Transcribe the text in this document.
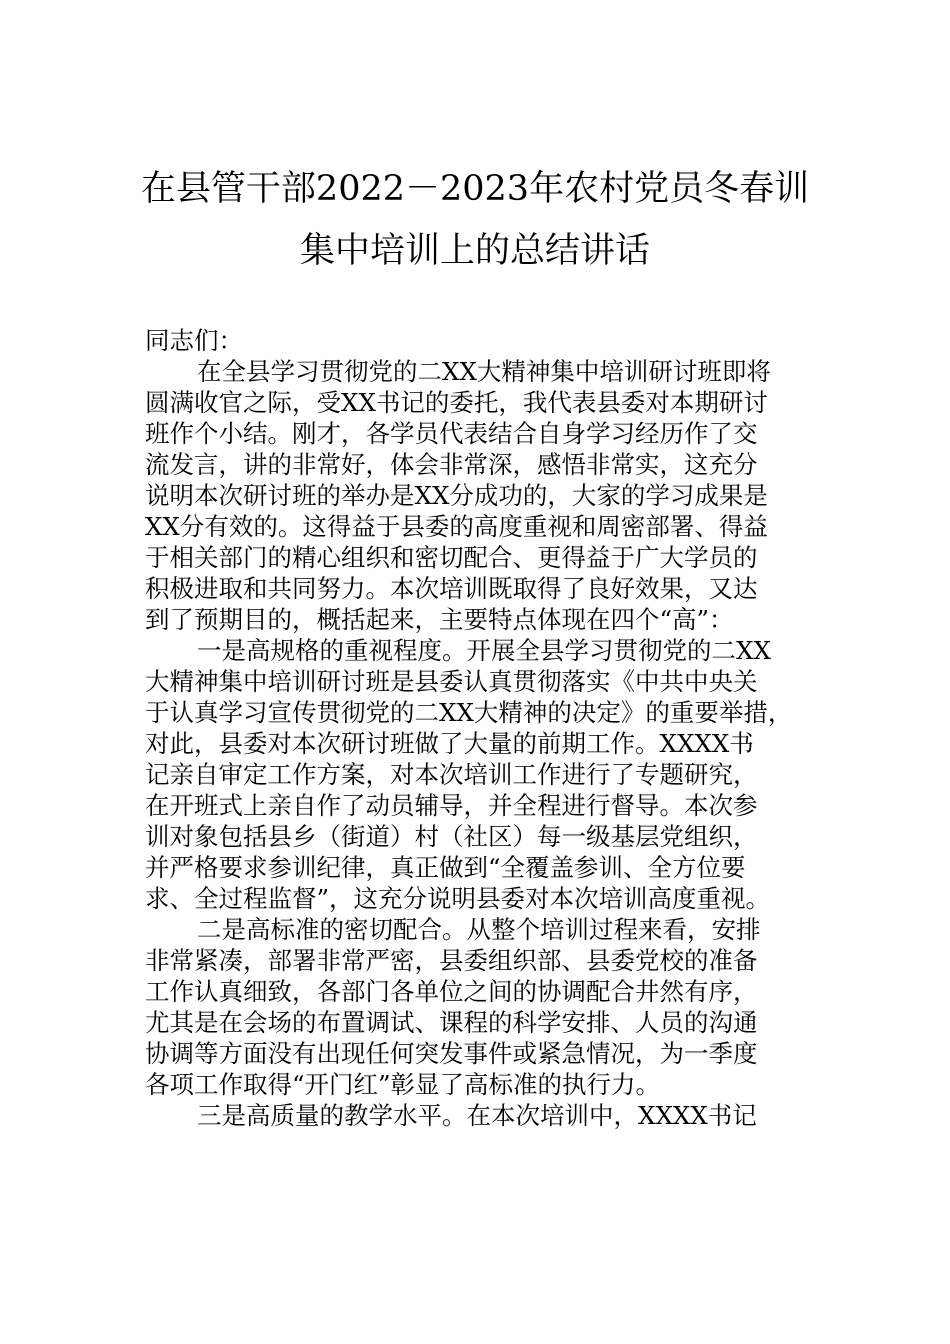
在县管干部2022－2023年农村党员冬春训
集中培训上的总结讲话
同志们：
在全县学习贯彻党的二XX大精神集中培训研讨班即将
圆满收官之际，受XX书记的委托，我代表县委对本期研讨
班作个小结。刚才，各学员代表结合自身学习经历作了交
流发言，讲的非常好，体会非常深，感悟非常实，这充分
说明本次研讨班的举办是XX分成功的，大家的学习成果是
XX分有效的。这得益于县委的高度重视和周密部署、得益
于相关部门的精心组织和密切配合、更得益于广大学员的
积极进取和共同努力。本次培训既取得了良好效果，又达
到了预期目的，概括起来，主要特点体现在四个“高”：
一是高规格的重视程度。开展全县学习贯彻党的二XX
大精神集中培训研讨班是县委认真贯彻落实《中共中央关
于认真学习宣传贯彻党的二XX大精神的决定》的重要举措，
对此，县委对本次研讨班做了大量的前期工作。XXXX书
记亲自审定工作方案，对本次培训工作进行了专题研究，
在开班式上亲自作了动员辅导，并全程进行督导。本次参
训对象包括县乡（街道）村（社区）每一级基层党组织，
并严格要求参训纪律，真正做到“全覆盖参训、全方位要
求、全过程监督”，这充分说明县委对本次培训高度重视。
二是高标准的密切配合。从整个培训过程来看，安排
非常紧凑，部署非常严密，县委组织部、县委党校的准备
工作认真细致，各部门各单位之间的协调配合井然有序，
尤其是在会场的布置调试、课程的科学安排、人员的沟通
协调等方面没有出现任何突发事件或紧急情况，为一季度
各项工作取得“开门红”彰显了高标准的执行力。
三是高质量的教学水平。在本次培训中，XXXX书记
